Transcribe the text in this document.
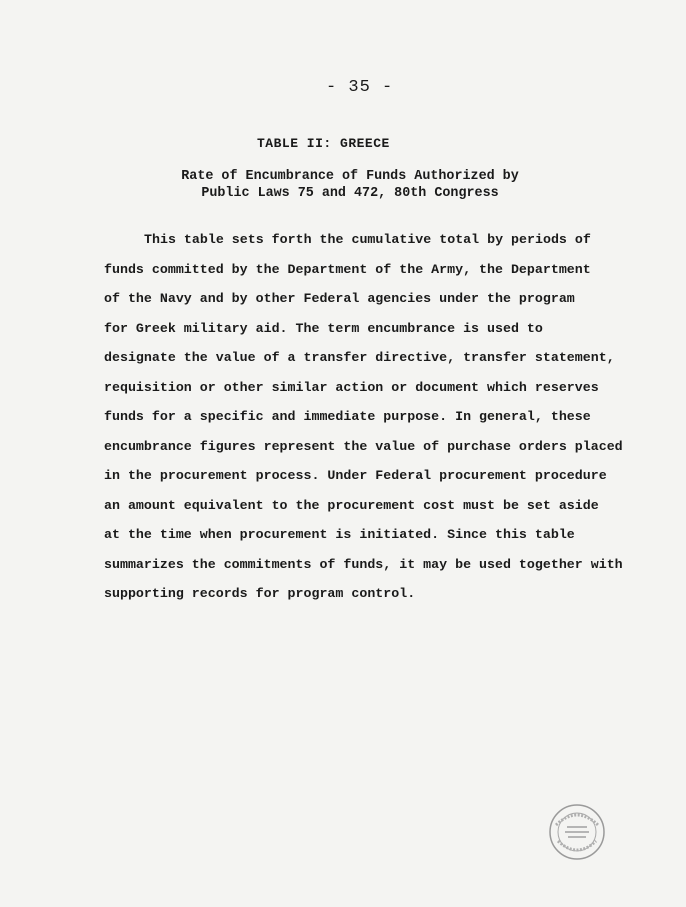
- 35 -
TABLE II: GREECE
Rate of Encumbrance of Funds Authorized by
Public Laws 75 and 472, 80th Congress
This table sets forth the cumulative total by periods of
funds committed by the Department of the Army, the Department
of the Navy and by other Federal agencies under the program
for Greek military aid. The term encumbrance is used to
designate the value of a transfer directive, transfer statement,
requisition or other similar action or document which reserves
funds for a specific and immediate purpose. In general, these
encumbrance figures represent the value of purchase orders placed
in the procurement process. Under Federal procurement procedure
an amount equivalent to the procurement cost must be set aside
at the time when procurement is initiated. Since this table
summarizes the commitments of funds, it may be used together with
supporting records for program control.
